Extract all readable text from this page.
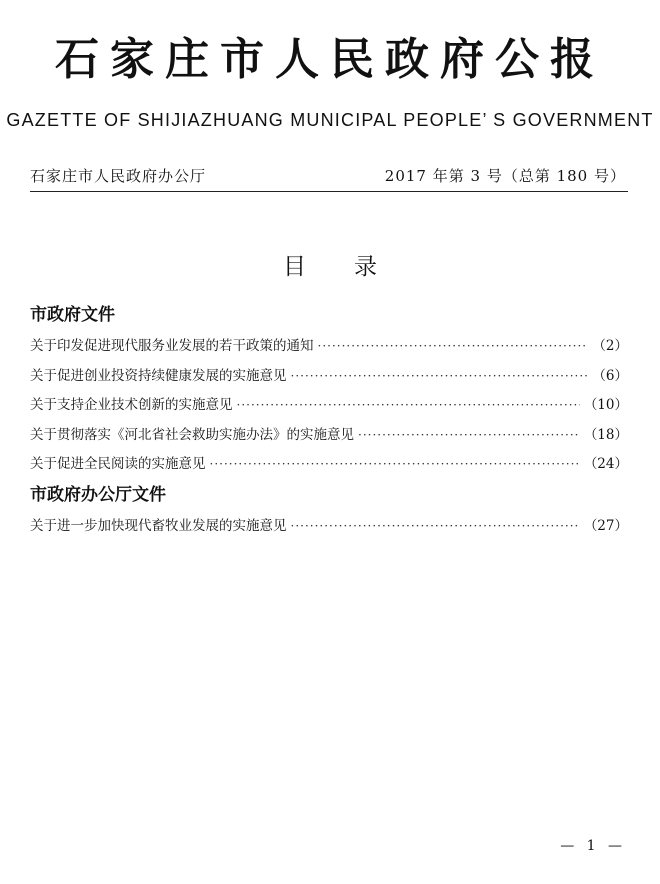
石家庄市人民政府公报
GAZETTE OF SHIJIAZHUANG MUNICIPAL PEOPLE’ S GOVERNMENT
石家庄市人民政府办公厅	2017 年第 3 号（总第 180 号）
目 录
市政府文件
关于印发促进现代服务业发展的若干政策的通知 ·····	（2）
关于促进创业投资持续健康发展的实施意见 ·····	（6）
关于支持企业技术创新的实施意见 ·····	（10）
关于贯彻落实《河北省社会救助实施办法》的实施意见 ·····	（18）
关于促进全民阅读的实施意见 ·····	（24）
市政府办公厅文件
关于进一步加快现代畜牧业发展的实施意见 ·····	（27）
— 1 —
